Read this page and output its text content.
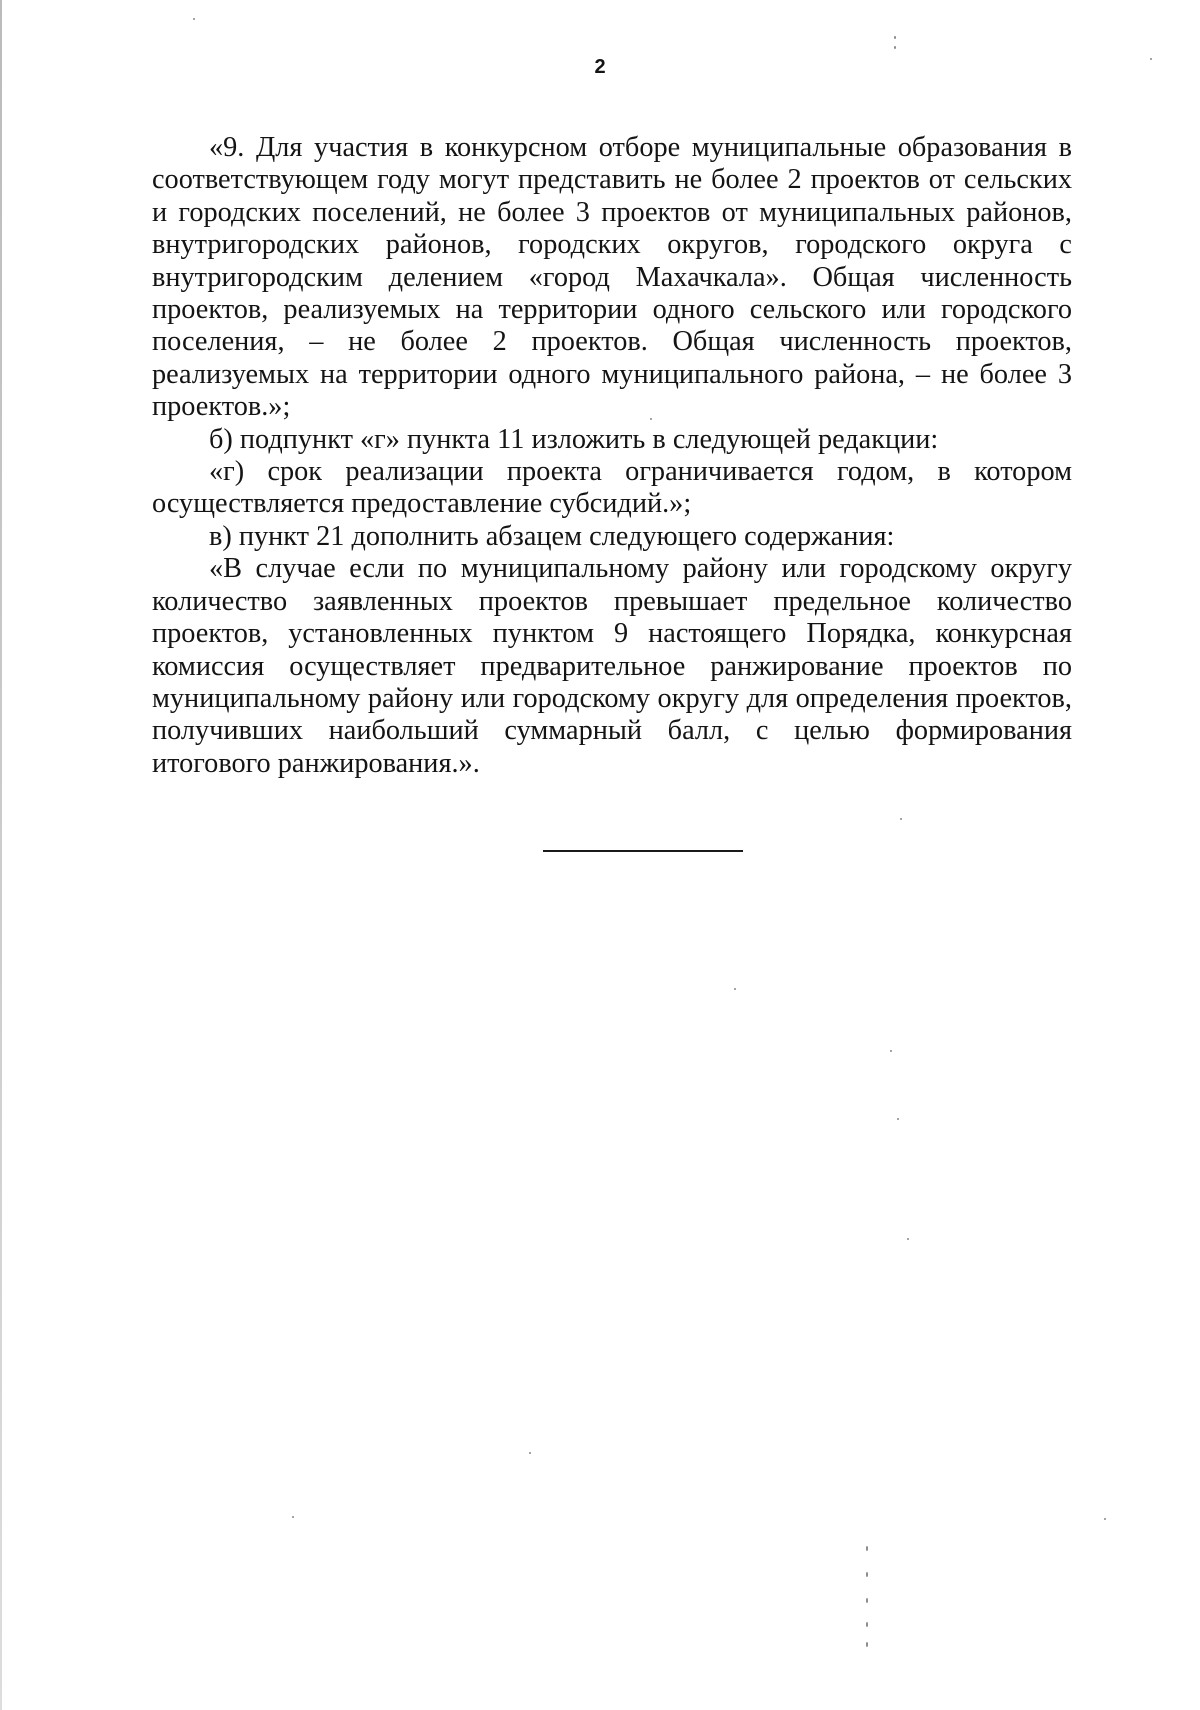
2

«9. Для участия в конкурсном отборе муниципальные образования в соответствующем году могут представить не более 2 проектов от сельских и городских поселений, не более 3 проектов от муниципальных районов, внутригородских районов, городских округов, городского округа с внутригородским делением «город Махачкала». Общая численность проектов, реализуемых на территории одного сельского или городского поселения, – не более 2 проектов. Общая численность проектов, реализуемых на территории одного муниципального района, – не более 3 проектов.»;

б) подпункт «г» пункта 11 изложить в следующей редакции:

«г) срок реализации проекта ограничивается годом, в котором осуществляется предоставление субсидий.»;

в) пункт 21 дополнить абзацем следующего содержания:

«В случае если по муниципальному району или городскому округу количество заявленных проектов превышает предельное количество проектов, установленных пунктом 9 настоящего Порядка, конкурсная комиссия осуществляет предварительное ранжирование проектов по муниципальному району или городскому округу для определения проектов, получивших наибольший суммарный балл, с целью формирования итогового ранжирования.».
